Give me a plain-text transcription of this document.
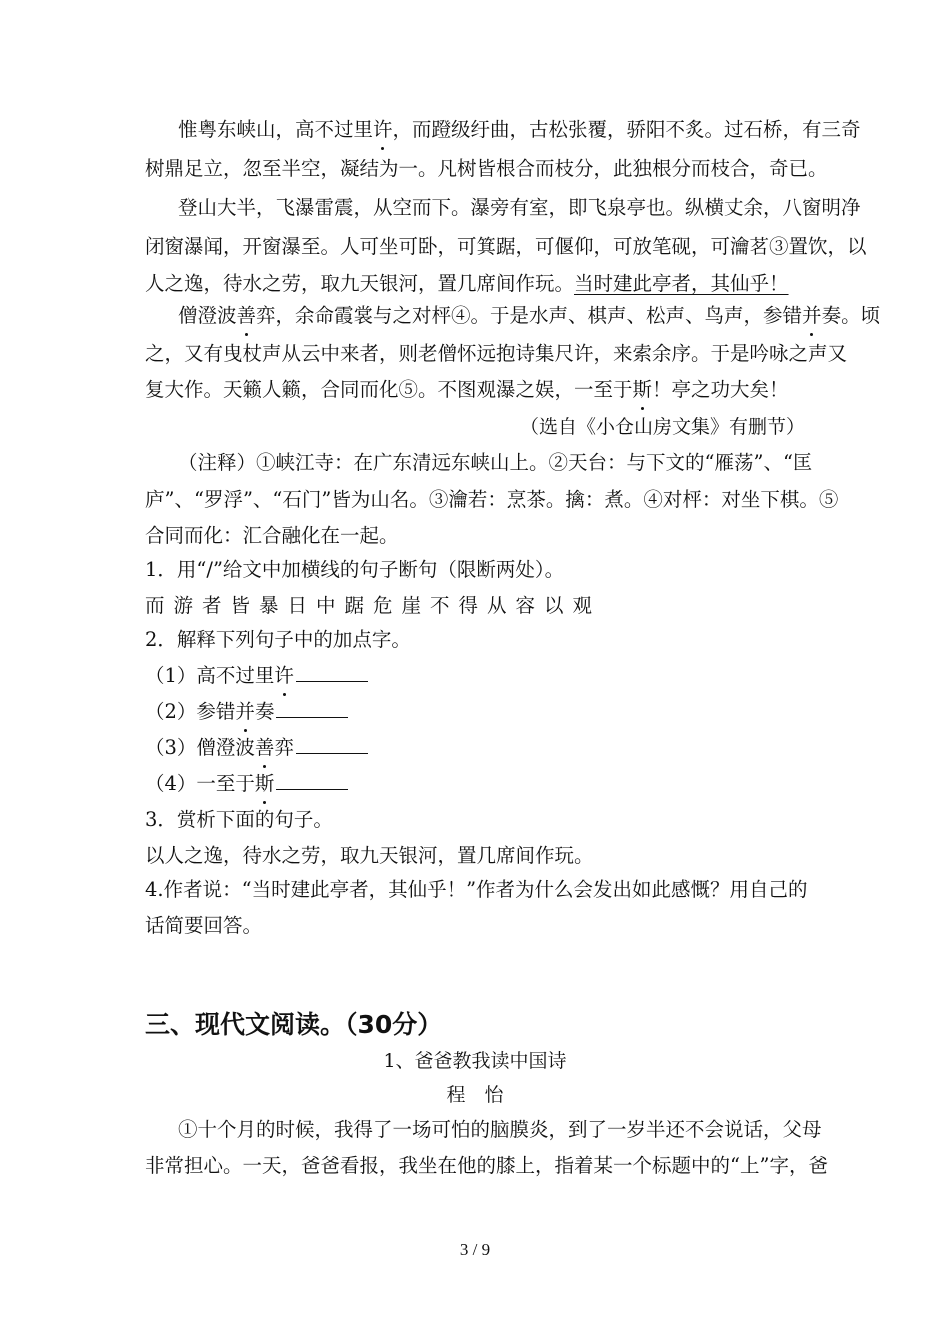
惟粤东峡山，高不过里许，而蹬级纡曲，古松张覆，骄阳不炙。过石桥，有三奇
树鼎足立，忽至半空，凝结为一。凡树皆根合而枝分，此独根分而枝合，奇已。
登山大半，飞瀑雷震，从空而下。瀑旁有室，即飞泉亭也。纵横丈余，八窗明净
闭窗瀑闻，开窗瀑至。人可坐可卧，可箕踞，可偃仰，可放笔砚，可瀹茗③置饮，以
人之逸，待水之劳，取九天银河，置几席间作玩。当时建此亭者，其仙乎！
僧澄波善弈，余命霞裳与之对枰④。于是水声、棋声、松声、鸟声，参错并奏。顷
之，又有曳杖声从云中来者，则老僧怀远抱诗集尺许，来索余序。于是吟咏之声又
复大作。天籁人籁，合同而化⑤。不图观瀑之娱，一至于斯！亭之功大矣！
（选自《小仓山房文集》有删节）
（注释）①峡江寺：在广东清远东峡山上。②天台：与下文的“雁荡”、“匡
庐”、“罗浮”、“石门”皆为山名。③瀹若：烹茶。擒：煮。④对枰：对坐下棋。⑤
合同而化：汇合融化在一起。
1．用“/”给文中加横线的句子断句（限断两处）。
而游者皆暴日中踞危崖不得从容以观
2．解释下列句子中的加点字。
（1）高不过里许
（2）参错并奏
（3）僧澄波善弈
（4）一至于斯
3．赏析下面的句子。
以人之逸，待水之劳，取九天银河，置几席间作玩。
4.作者说：“当时建此亭者，其仙乎！”作者为什么会发出如此感慨？用自己的
话简要回答。
三、现代文阅读。（30分）
1、爸爸教我读中国诗
程　怡
①十个月的时候，我得了一场可怕的脑膜炎，到了一岁半还不会说话，父母
非常担心。一天，爸爸看报，我坐在他的膝上，指着某一个标题中的“上”字，爸
3 / 9
